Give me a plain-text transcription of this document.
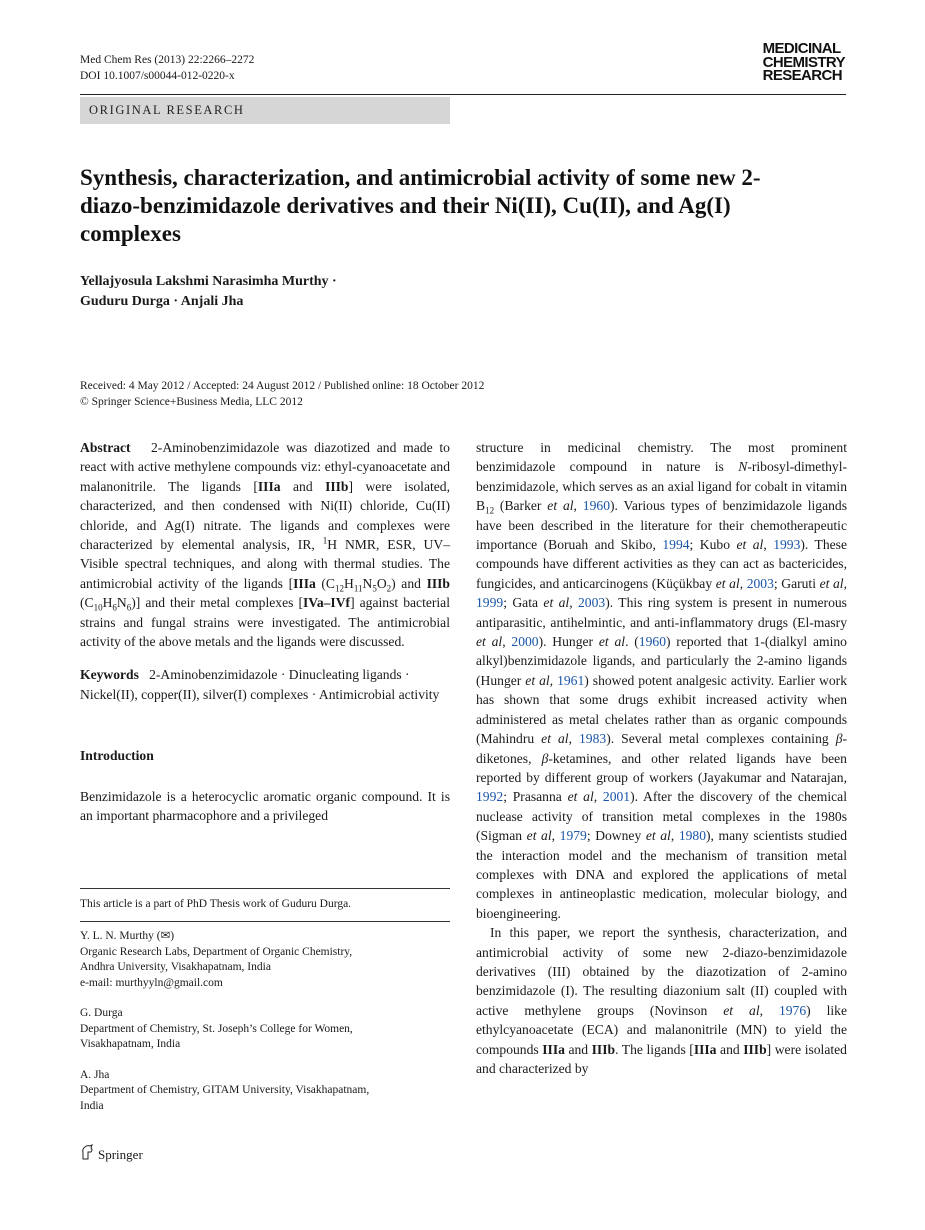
Med Chem Res (2013) 22:2266–2272
DOI 10.1007/s00044-012-0220-x
MEDICINAL
CHEMISTRY
RESEARCH
ORIGINAL RESEARCH
Synthesis, characterization, and antimicrobial activity of some new 2-diazo-benzimidazole derivatives and their Ni(II), Cu(II), and Ag(I) complexes
Yellajyosula Lakshmi Narasimha Murthy ·
Guduru Durga · Anjali Jha
Received: 4 May 2012 / Accepted: 24 August 2012 / Published online: 18 October 2012
© Springer Science+Business Media, LLC 2012

Abstract 2-Aminobenzimidazole was diazotized and made to react with active methylene compounds viz: ethyl-cyanoacetate and malanonitrile. The ligands [IIIa and IIIb] were isolated, characterized, and then condensed with Ni(II) chloride, Cu(II) chloride, and Ag(I) nitrate. The ligands and complexes were characterized by elemental analysis, IR, $^1$H NMR, ESR, UV–Visible spectral techniques, and along with thermal studies. The antimicrobial activity of the ligands [IIIa $(C_{12}H_{11}N_5O_2)$ and IIIb $(C_{10}H_6N_6)$] and their metal complexes [IVa–IVf] against bacterial strains and fungal strains were investigated. The antimicrobial activity of the above metals and the ligands were discussed.

Keywords 2-Aminobenzimidazole · Dinucleating ligands · Nickel(II), copper(II), silver(I) complexes · Antimicrobial activity

Introduction

Benzimidazole is a heterocyclic aromatic organic compound. It is an important pharmacophore and a privileged

This article is a part of PhD Thesis work of Guduru Durga.
Y. L. N. Murthy (✉)
Organic Research Labs, Department of Organic Chemistry,
Andhra University, Visakhapatnam, India
e-mail: murthyyln@gmail.com
G. Durga
Department of Chemistry, St. Joseph’s College for Women,
Visakhapatnam, India
A. Jha
Department of Chemistry, GITAM University, Visakhapatnam,
India

structure in medicinal chemistry. The most prominent benzimidazole compound in nature is N-ribosyl-dimethyl-benzimidazole, which serves as an axial ligand for cobalt in vitamin $B_{12}$ (Barker et al, 1960). Various types of benzimidazole ligands have been described in the literature for their chemotherapeutic importance (Boruah and Skibo, 1994; Kubo et al, 1993). These compounds have different activities as they can act as bactericides, fungicides, and anticarcinogens (Küçükbay et al, 2003; Garuti et al, 1999; Gata et al, 2003). This ring system is present in numerous antiparasitic, antihelmintic, and anti-inflammatory drugs (El-masry et al, 2000). Hunger et al. (1960) reported that 1-(dialkyl amino alkyl)benzimidazole ligands, and particularly the 2-amino ligands (Hunger et al, 1961) showed potent analgesic activity. Earlier work has shown that some drugs exhibit increased activity when administered as metal chelates rather than as organic compounds (Mahindru et al, 1983). Several metal complexes containing β-diketones, β-ketamines, and other related ligands have been reported by different group of workers (Jayakumar and Natarajan, 1992; Prasanna et al, 2001). After the discovery of the chemical nuclease activity of transition metal complexes in the 1980s (Sigman et al, 1979; Downey et al, 1980), many scientists studied the interaction model and the mechanism of transition metal complexes with DNA and explored the applications of metal complexes in antineoplastic medication, molecular biology, and bioengineering.

In this paper, we report the synthesis, characterization, and antimicrobial activity of some new 2-diazo-benzimidazole derivatives (III) obtained by the diazotization of 2-amino benzimidazole (I). The resulting diazonium salt (II) coupled with active methylene groups (Novinson et al, 1976) like ethylcyanoacetate (ECA) and malanonitrile (MN) to yield the compounds IIIa and IIIb. The ligands [IIIa and IIIb] were isolated and characterized by

Springer
